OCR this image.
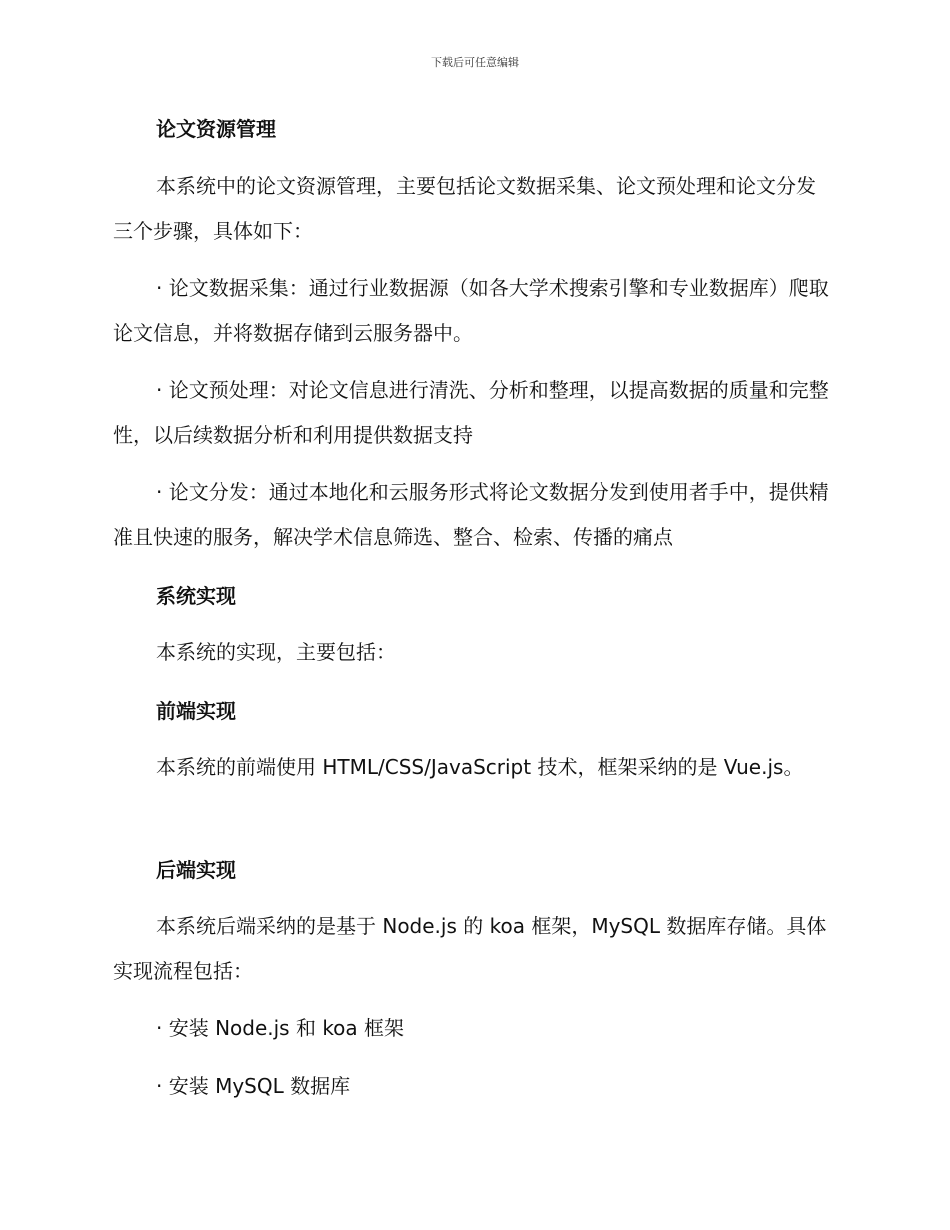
下载后可任意编辑
论文资源管理
本系统中的论文资源管理，主要包括论文数据采集、论文预处理和论文分发三个步骤，具体如下：
· 论文数据采集：通过行业数据源（如各大学术搜索引擎和专业数据库）爬取论文信息，并将数据存储到云服务器中。
· 论文预处理：对论文信息进行清洗、分析和整理，以提高数据的质量和完整性，以后续数据分析和利用提供数据支持
· 论文分发：通过本地化和云服务形式将论文数据分发到使用者手中，提供精准且快速的服务，解决学术信息筛选、整合、检索、传播的痛点
系统实现
本系统的实现，主要包括：
前端实现
本系统的前端使用 HTML/CSS/JavaScript 技术，框架采纳的是 Vue.js。
后端实现
本系统后端采纳的是基于 Node.js 的 koa 框架，MySQL 数据库存储。具体实现流程包括：
· 安装 Node.js 和 koa 框架
· 安装 MySQL 数据库
